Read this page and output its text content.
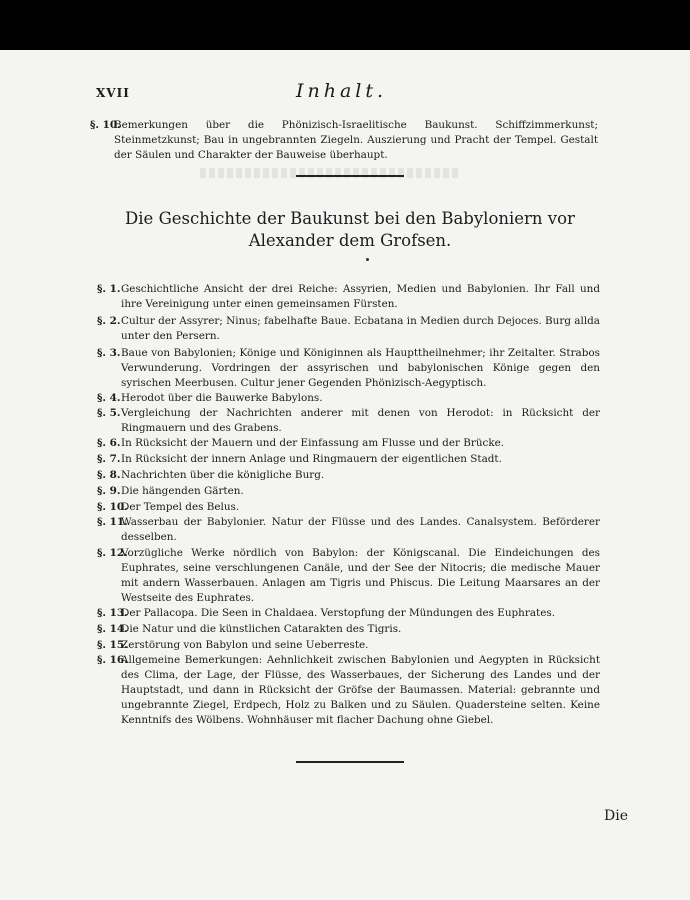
XVII	Inhalt.
§. 10.
Bemerkungen über die Phönizisch-Israelitische Baukunst. Schiffzimmerkunst; Steinmetzkunst; Bau in ungebrannten Ziegeln. Auszierung und Pracht der Tempel. Gestalt der Säulen und Charakter der Bauweise überhaupt.
Die Geschichte der Baukunst bei den Babyloniern vor
Alexander dem Grofsen.
§. 1. Geschichtliche Ansicht der drei Reiche: Assyrien, Medien und Babylonien. Ihr Fall und ihre Vereinigung unter einen gemeinsamen Fürsten.
§. 2. Cultur der Assyrer; Ninus; fabelhafte Baue. Ecbatana in Medien durch Dejoces. Burg allda unter den Persern.
§. 3. Baue von Babylonien; Könige und Königinnen als Haupttheilnehmer; ihr Zeitalter. Strabos Verwunderung. Vordringen der assyrischen und babylonischen Könige gegen den syrischen Meerbusen. Cultur jener Gegenden Phönizisch-Aegyptisch.
§. 4. Herodot über die Bauwerke Babylons.
§. 5. Vergleichung der Nachrichten anderer mit denen von Herodot: in Rücksicht der Ringmauern und des Grabens.
§. 6. In Rücksicht der Mauern und der Einfassung am Flusse und der Brücke.
§. 7. In Rücksicht der innern Anlage und Ringmauern der eigentlichen Stadt.
§. 8. Nachrichten über die königliche Burg.
§. 9. Die hängenden Gärten.
§. 10.
Der Tempel des Belus.
§. 11.
Wasserbau der Babylonier. Natur der Flüsse und des Landes. Canalsystem. Beförderer desselben.
§. 12.
Vorzügliche Werke nördlich von Babylon: der Königscanal. Die Eindeichungen des Euphrates, seine verschlungenen Canäle, und der See der Nitocris; die medische Mauer mit andern Wasserbauen. Anlagen am Tigris und Phiscus. Die Leitung Maarsares an der Westseite des Euphrates.
§. 13.
Der Pallacopa. Die Seen in Chaldaea. Verstopfung der Mündungen des Euphrates.
§. 14.
Die Natur und die künstlichen Catarakten des Tigris.
§. 15.
Zerstörung von Babylon und seine Ueberreste.
§. 16.
Allgemeine Bemerkungen: Aehnlichkeit zwischen Babylonien und Aegypten in Rücksicht des Clima, der Lage, der Flüsse, des Wasserbaues, der Sicherung des Landes und der Hauptstadt, und dann in Rücksicht der Gröfse der Baumassen. Material: gebrannte und ungebrannte Ziegel, Erdpech, Holz zu Balken und zu Säulen. Quadersteine selten. Keine Kenntnifs des Wölbens. Wohnhäuser mit flacher Dachung ohne Giebel.
Die
